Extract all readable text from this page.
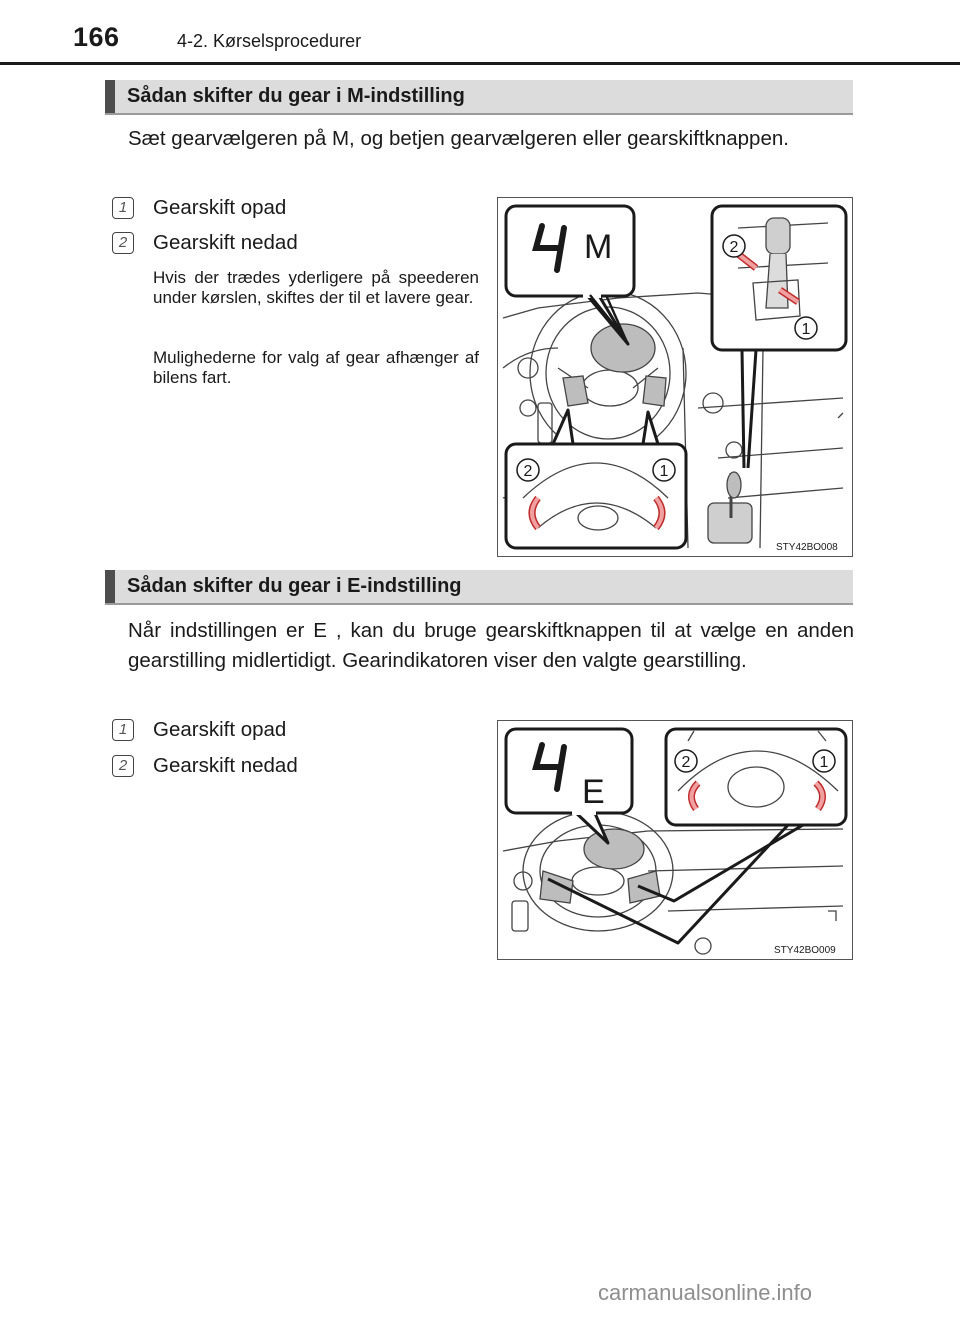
166	4-2. Kørselsprocedurer
Sådan skifter du gear i M-indstilling
Sæt gearvælgeren på M, og betjen gearvælgeren eller gearskiftknappen.
1	Gearskift opad
2	Gearskift nedad
Hvis der trædes yderligere på speederen under kørslen, skiftes der til et lavere gear.
Mulighederne for valg af gear afhænger af bilens fart.
M	2
1
2	1
STY42BO008
Sådan skifter du gear i E-indstilling
Når indstillingen er E , kan du bruge gearskiftknappen til at vælge en anden gearstilling midlertidigt. Gearindikatoren viser den valgte gearstilling.
1	Gearskift opad
2	Gearskift nedad
E
2	1
STY42BO009
carmanualsonline.info
